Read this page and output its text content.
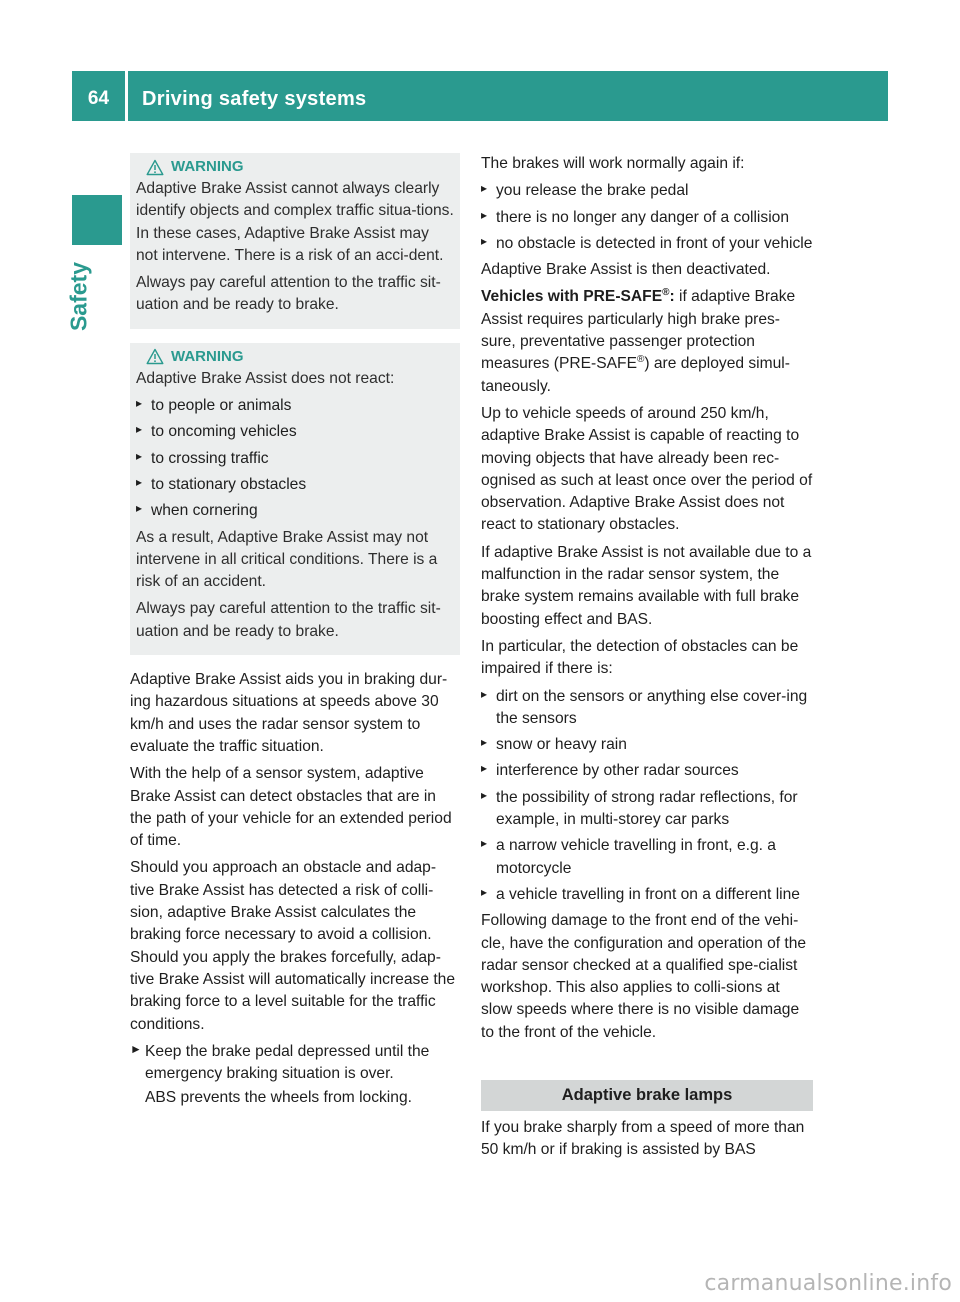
64	Driving safety systems
Safety
WARNING

Adaptive Brake Assist cannot always clearly identify objects and complex traffic situa-tions. In these cases, Adaptive Brake Assist may not intervene. There is a risk of an acci-dent.

Always pay careful attention to the traffic sit-uation and be ready to brake.

WARNING

Adaptive Brake Assist does not react:

▸ to people or animals
▸ to oncoming vehicles
▸ to crossing traffic
▸ to stationary obstacles
▸ when cornering

As a result, Adaptive Brake Assist may not intervene in all critical conditions. There is a risk of an accident.

Always pay careful attention to the traffic sit-uation and be ready to brake.

Adaptive Brake Assist aids you in braking dur-ing hazardous situations at speeds above 30 km/h and uses the radar sensor system to evaluate the traffic situation.

With the help of a sensor system, adaptive Brake Assist can detect obstacles that are in the path of your vehicle for an extended period of time.

Should you approach an obstacle and adap-tive Brake Assist has detected a risk of colli-sion, adaptive Brake Assist calculates the braking force necessary to avoid a collision. Should you apply the brakes forcefully, adap-tive Brake Assist will automatically increase the braking force to a level suitable for the traffic conditions.

► Keep the brake pedal depressed until the emergency braking situation is over.
ABS prevents the wheels from locking.

The brakes will work normally again if:

▸ you release the brake pedal
▸ there is no longer any danger of a collision
▸ no obstacle is detected in front of your vehicle

Adaptive Brake Assist is then deactivated.

Vehicles with PRE-SAFE®: if adaptive Brake Assist requires particularly high brake pres-sure, preventative passenger protection measures (PRE-SAFE®) are deployed simul-taneously.

Up to vehicle speeds of around 250 km/h, adaptive Brake Assist is capable of reacting to moving objects that have already been rec-ognised as such at least once over the period of observation. Adaptive Brake Assist does not react to stationary obstacles.

If adaptive Brake Assist is not available due to a malfunction in the radar sensor system, the brake system remains available with full brake boosting effect and BAS.

In particular, the detection of obstacles can be impaired if there is:

▸ dirt on the sensors or anything else cover-ing the sensors
▸ snow or heavy rain
▸ interference by other radar sources
▸ the possibility of strong radar reflections, for example, in multi-storey car parks
▸ a narrow vehicle travelling in front, e.g. a motorcycle
▸ a vehicle travelling in front on a different line

Following damage to the front end of the vehi-cle, have the configuration and operation of the radar sensor checked at a qualified spe-cialist workshop. This also applies to colli-sions at slow speeds where there is no visible damage to the front of the vehicle.

Adaptive brake lamps

If you brake sharply from a speed of more than 50 km/h or if braking is assisted by BAS

carmanualsonline.info
